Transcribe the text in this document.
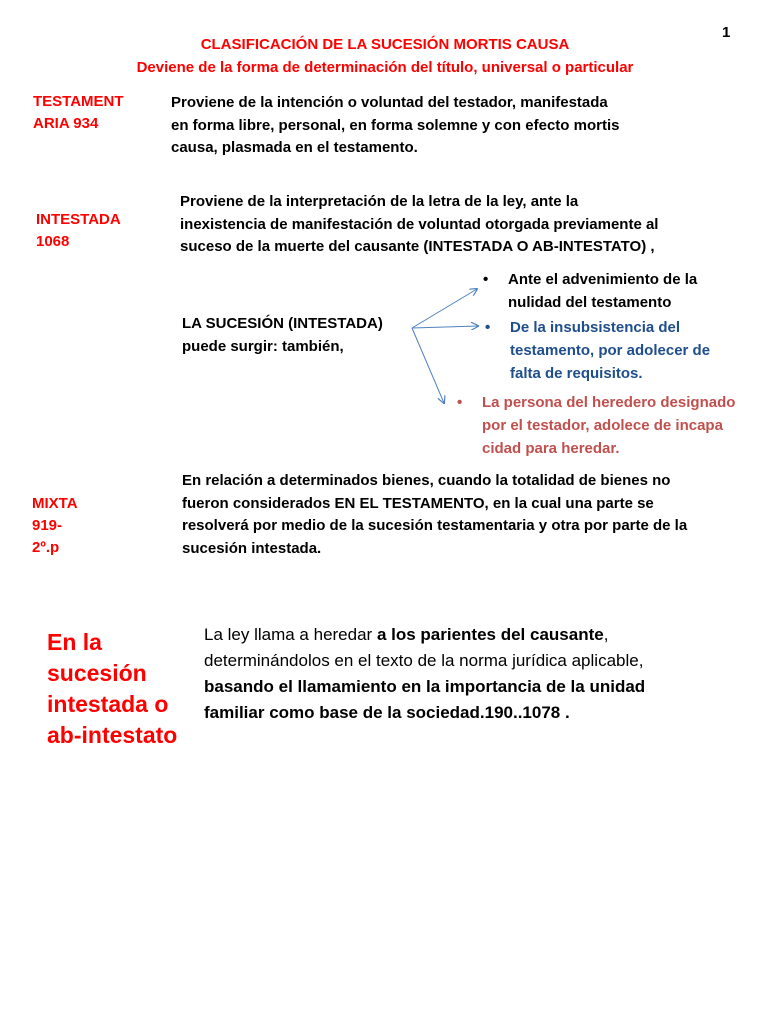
1
CLASIFICACIÓN DE LA SUCESIÓN MORTIS CAUSA
Deviene de la forma de determinación del título, universal o particular
TESTAMENT
ARIA 934
Proviene de la intención o voluntad del testador, manifestada
en forma libre, personal, en forma solemne y con efecto mortis
causa, plasmada en el testamento.
INTESTADA
1068
Proviene de la interpretación de la letra de la ley, ante la
inexistencia de manifestación de voluntad otorgada previamente al
suceso de la muerte del causante (INTESTADA O AB-INTESTATO) ,
LA SUCESIÓN (INTESTADA)
puede surgir: también,
• Ante el advenimiento de la
nulidad del testamento
• De la insubsistencia del
testamento, por adolecer de
falta de requisitos.
• La persona del heredero designado
por el testador, adolece de incapa
cidad para heredar.
MIXTA
919-
2º.p
En relación a determinados bienes, cuando la totalidad de bienes no
fueron considerados EN EL TESTAMENTO, en la cual una parte se
resolverá por medio de la sucesión testamentaria y otra por parte de la
sucesión intestada.
En la
sucesión
intestada o
ab-intestato
La ley llama a heredar a los parientes del causante,
determinándolos en el texto de la norma jurídica aplicable,
basando el llamamiento en la importancia de la unidad
familiar como base de la sociedad.190..1078 .
